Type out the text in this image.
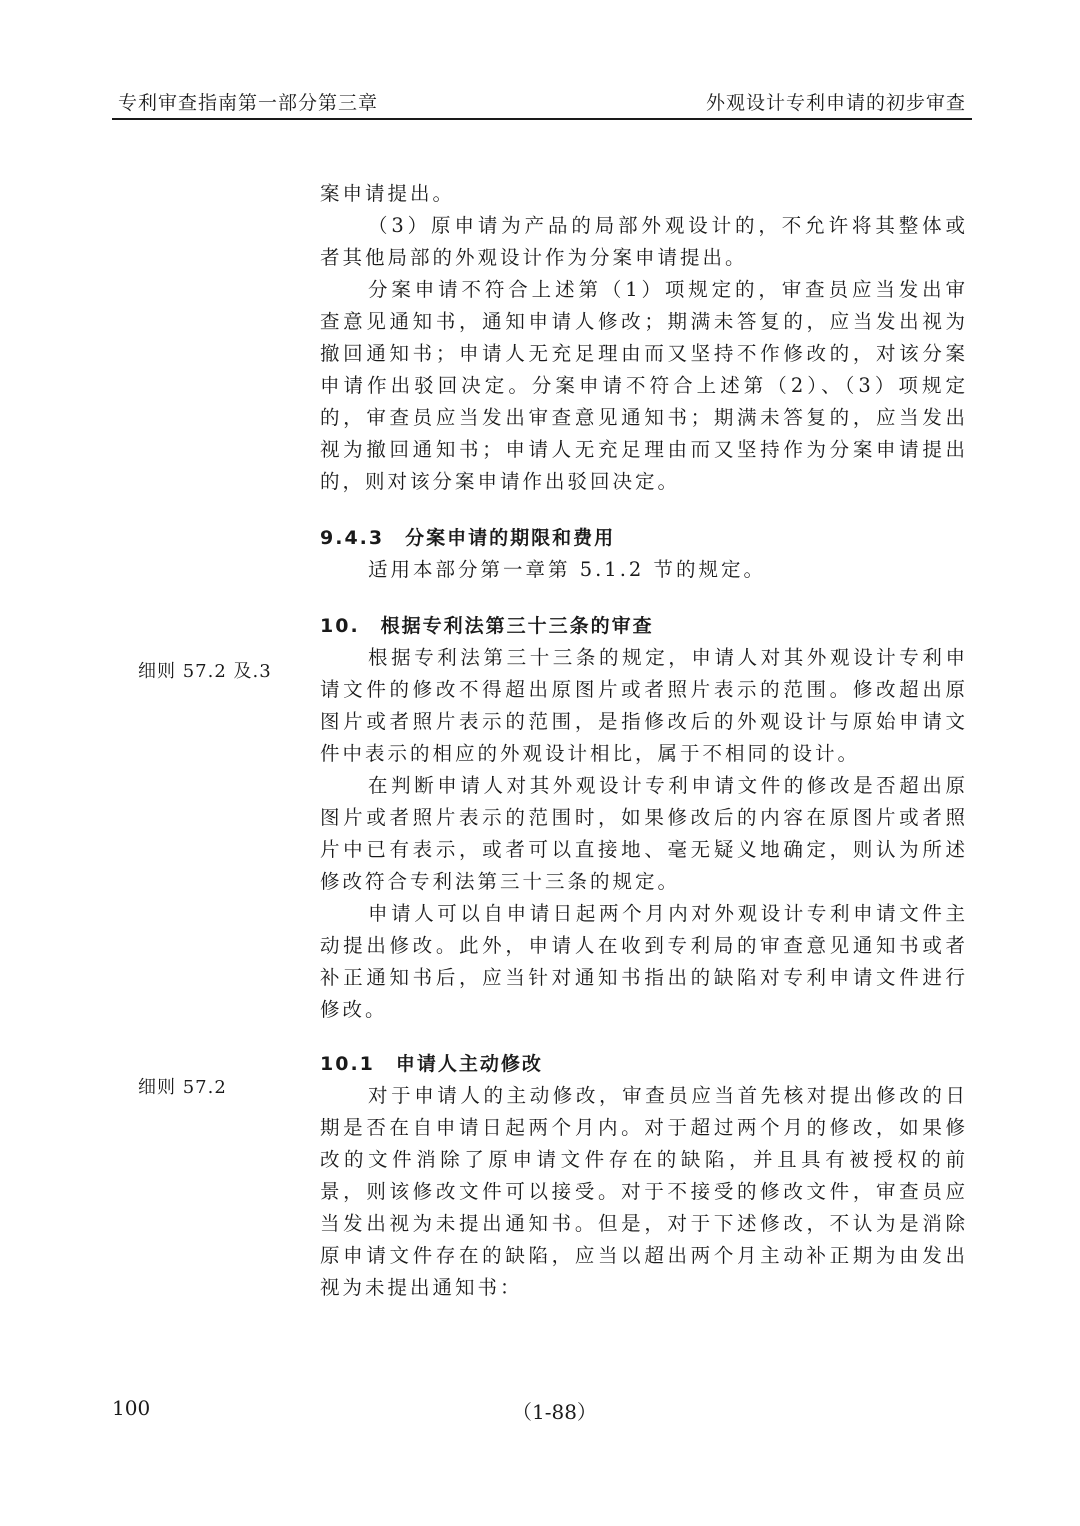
专利审查指南第一部分第三章	外观设计专利申请的初步审查
细则 57.2 及.3
细则 57.2

案申请提出。

（3）原申请为产品的局部外观设计的，不允许将其整体或者其他局部的外观设计作为分案申请提出。

分案申请不符合上述第（1）项规定的，审查员应当发出审查意见通知书，通知申请人修改；期满未答复的，应当发出视为撤回通知书；申请人无充足理由而又坚持不作修改的，对该分案申请作出驳回决定。分案申请不符合上述第（2）、（3）项规定的，审查员应当发出审查意见通知书；期满未答复的，应当发出视为撤回通知书；申请人无充足理由而又坚持作为分案申请提出的，则对该分案申请作出驳回决定。

9.4.3　分案申请的期限和费用

适用本部分第一章第 5.1.2 节的规定。

10.　根据专利法第三十三条的审查

根据专利法第三十三条的规定，申请人对其外观设计专利申请文件的修改不得超出原图片或者照片表示的范围。修改超出原图片或者照片表示的范围，是指修改后的外观设计与原始申请文件中表示的相应的外观设计相比，属于不相同的设计。

在判断申请人对其外观设计专利申请文件的修改是否超出原图片或者照片表示的范围时，如果修改后的内容在原图片或者照片中已有表示，或者可以直接地、毫无疑义地确定，则认为所述修改符合专利法第三十三条的规定。

申请人可以自申请日起两个月内对外观设计专利申请文件主动提出修改。此外，申请人在收到专利局的审查意见通知书或者补正通知书后，应当针对通知书指出的缺陷对专利申请文件进行修改。

10.1　申请人主动修改

对于申请人的主动修改，审查员应当首先核对提出修改的日期是否在自申请日起两个月内。对于超过两个月的修改，如果修改的文件消除了原申请文件存在的缺陷，并且具有被授权的前景，则该修改文件可以接受。对于不接受的修改文件，审查员应当发出视为未提出通知书。但是，对于下述修改，不认为是消除原申请文件存在的缺陷，应当以超出两个月主动补正期为由发出视为未提出通知书：

100	（1-88）
